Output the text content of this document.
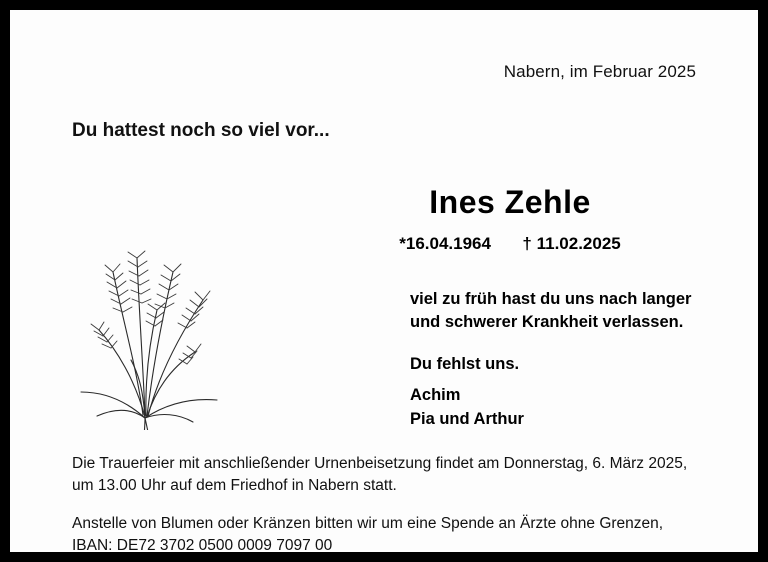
Nabern, im Februar 2025
Du hattest noch so viel vor...
Ines Zehle
*16.04.1964 † 11.02.2025

viel zu früh hast du uns nach langer
und schwerer Krankheit verlassen.

Du fehlst uns.

Achim
Pia und Arthur
Die Trauerfeier mit anschließender Urnenbeisetzung findet am Donnerstag, 6. März 2025,
um 13.00 Uhr auf dem Friedhof in Nabern statt.
Anstelle von Blumen oder Kränzen bitten wir um eine Spende an Ärzte ohne Grenzen,
IBAN: DE72 3702 0500 0009 7097 00
